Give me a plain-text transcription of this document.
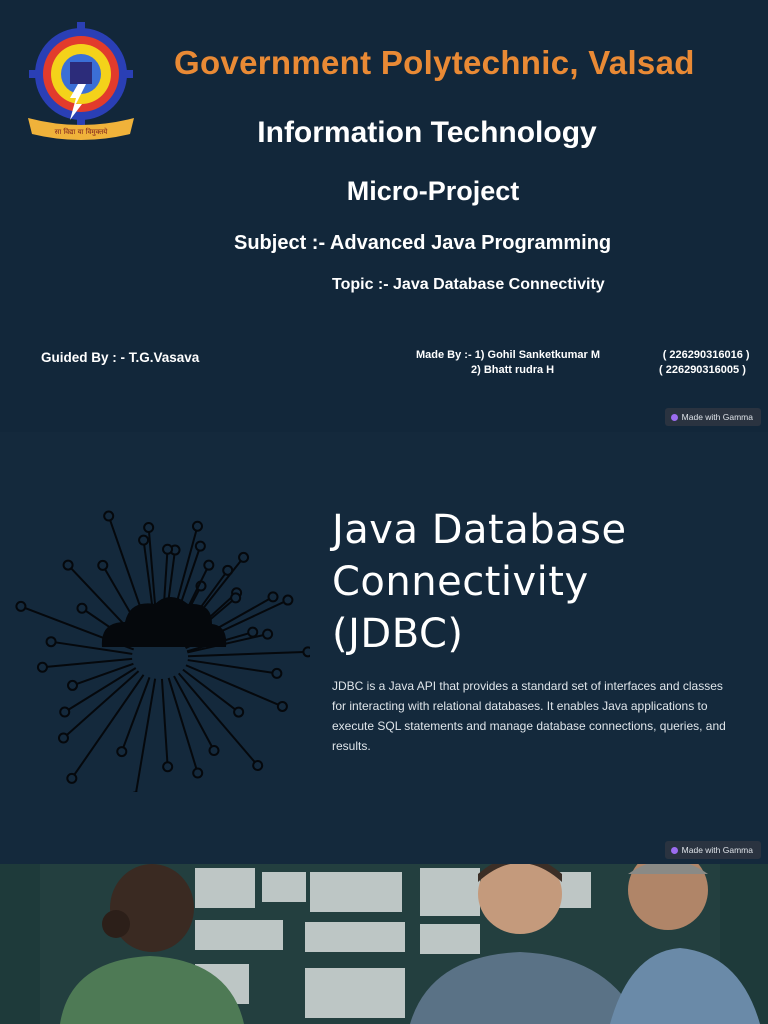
सा विद्या या विमुक्तये
Government Polytechnic, Valsad
Information Technology
Micro-Project
Subject :- Advanced Java Programming
Topic :- Java Database Connectivity
Guided By : - T.G.Vasava	Made By :- 1) Gohil Sanketkumar M	( 226290316016 )
2) Bhatt rudra H	( 226290316005 )
Made with Gamma
Java Database
Connectivity
(JDBC)
JDBC is a Java API that provides a standard set of interfaces and classes for interacting with relational databases. It enables Java applications to execute SQL statements and manage database connections, queries, and results.
Made with Gamma
